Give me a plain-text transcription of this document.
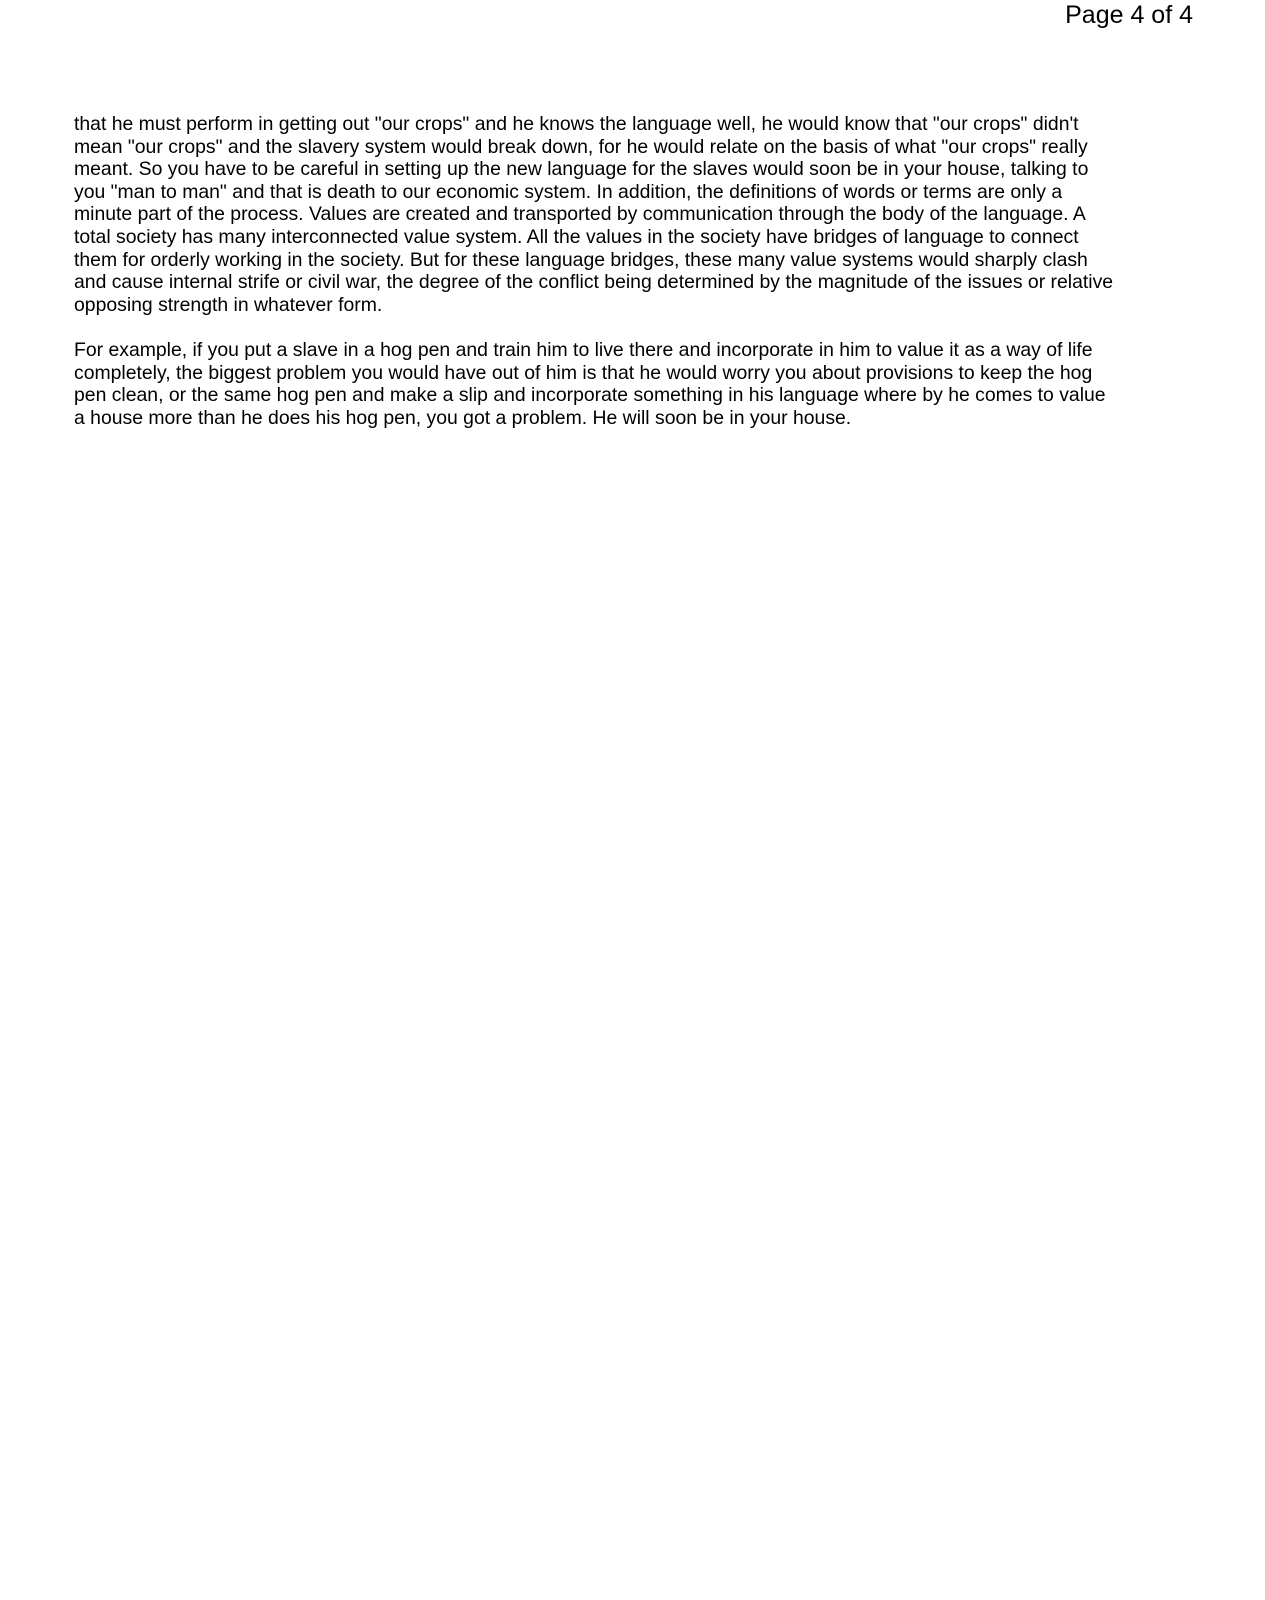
Page 4 of 4

that he must perform in getting out "our crops" and he knows the language well, he would know that "our crops" didn't
mean "our crops" and the slavery system would break down, for he would relate on the basis of what "our crops" really
meant. So you have to be careful in setting up the new language for the slaves would soon be in your house, talking to
you "man to man" and that is death to our economic system. In addition, the definitions of words or terms are only a
minute part of the process. Values are created and transported by communication through the body of the language. A
total society has many interconnected value system. All the values in the society have bridges of language to connect
them for orderly working in the society. But for these language bridges, these many value systems would sharply clash
and cause internal strife or civil war, the degree of the conflict being determined by the magnitude of the issues or relative
opposing strength in whatever form.

For example, if you put a slave in a hog pen and train him to live there and incorporate in him to value it as a way of life
completely, the biggest problem you would have out of him is that he would worry you about provisions to keep the hog
pen clean, or the same hog pen and make a slip and incorporate something in his language where by he comes to value
a house more than he does his hog pen, you got a problem. He will soon be in your house.
